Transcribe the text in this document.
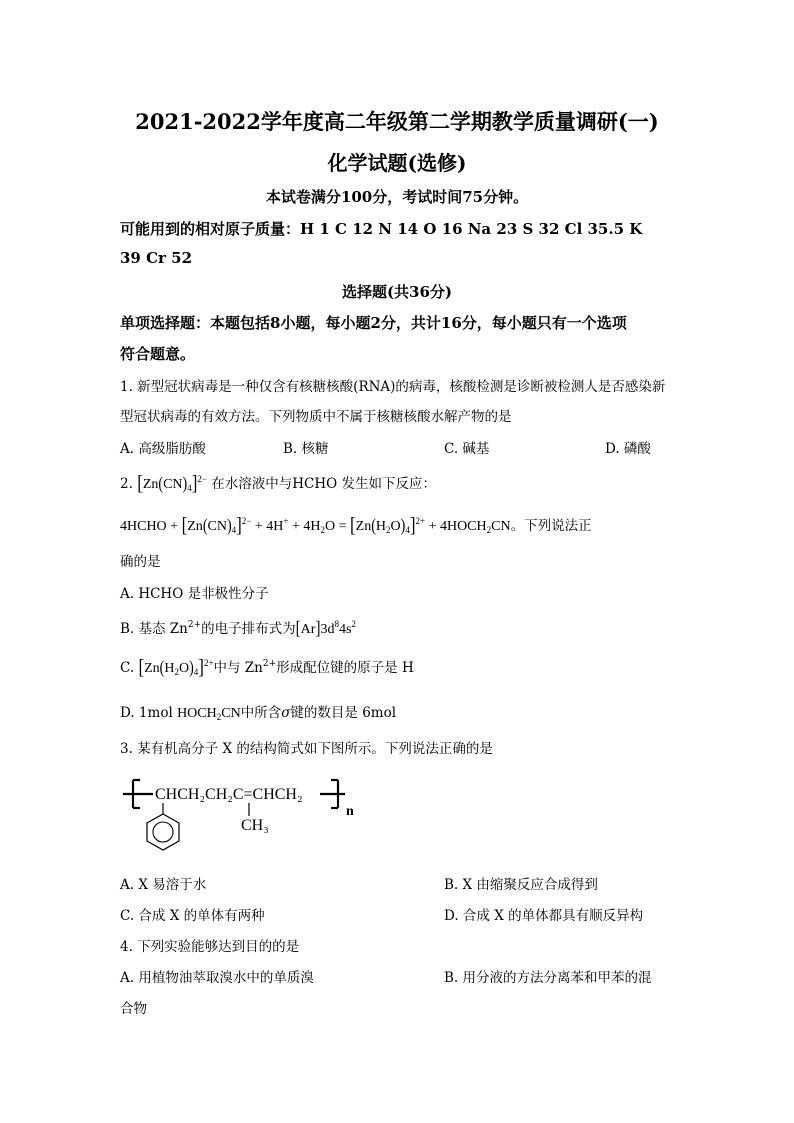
2021-2022学年度高二年级第二学期教学质量调研(一)
化学试题(选修)
本试卷满分100分，考试时间75分钟。
可能用到的相对原子质量：H 1 C 12 N 14 O 16 Na 23 S 32 Cl 35.5 K
39 Cr 52
选择题(共36分)
单项选择题：本题包括8小题，每小题2分，共计16分，每小题只有一个选项
符合题意。
1. 新型冠状病毒是一种仅含有核糖核酸(RNA)的病毒，核酸检测是诊断被检测人是否感染新
型冠状病毒的有效方法。下列物质中不属于核糖核酸水解产物的是
A. 高级脂肪酸	B. 核糖	C. 碱基	D. 磷酸
2. $[Zn(CN)_4]^{2-}$ 在水溶液中与HCHO 发生如下反应：
4HCHO + $[Zn(CN)_4]^{2-} + 4H^+ + 4H_2O = [Zn(H_2O)_4]^{2+}$ + $4HOCH_2CN$。下列说法正
确的是
A. HCHO 是非极性分子
B. 基态 $Zn^{2+}$的电子排布式为$[Ar]3d^84s^2$
C. $[Zn(H_2O)_4]^{2+}$中与 $Zn^{2+}$形成配位键的原子是 H
D. 1mol $HOCH_2CN$中所含σ键的数目是 6mol
3. 某有机高分子 X 的结构简式如下图所示。下列说法正确的是
CHCH₂CH₂C=CHCH₂
n
CH₃
A. X 易溶于水	B. X 由缩聚反应合成得到
C. 合成 X 的单体有两种	D. 合成 X 的单体都具有顺反异构
4. 下列实验能够达到目的的是
A. 用植物油萃取溴水中的单质溴	B. 用分液的方法分离苯和甲苯的混
合物
